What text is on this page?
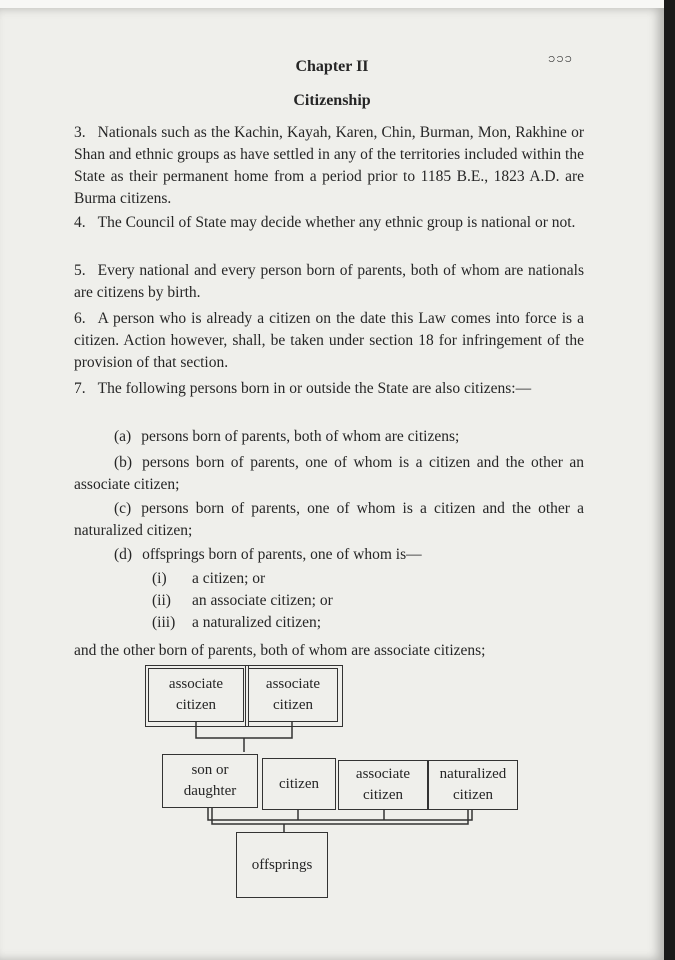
၁၁၁
Chapter II
Citizenship
3. Nationals such as the Kachin, Kayah, Karen, Chin, Burman, Mon, Rakhine or Shan and ethnic groups as have settled in any of the territories included within the State as their permanent home from a period prior to 1185 B.E., 1823 A.D. are Burma citizens.
4. The Council of State may decide whether any ethnic group is national or not.
5. Every national and every person born of parents, both of whom are nationals are citizens by birth.
6. A person who is already a citizen on the date this Law comes into force is a citizen. Action however, shall, be taken under section 18 for infringement of the provision of that section.
7. The following persons born in or outside the State are also citizens:—
(a) persons born of parents, both of whom are citizens;
(b) persons born of parents, one of whom is a citizen and the other an associate citizen;
(c) persons born of parents, one of whom is a citizen and the other a naturalized citizen;
(d) offsprings born of parents, one of whom is—
(i) a citizen; or
(ii) an associate citizen; or
(iii) a naturalized citizen;
and the other born of parents, both of whom are associate citizens;
associate
citizen
associate
citizen
son or
daughter	citizen
associate
citizen
naturalized
citizen
offsprings
